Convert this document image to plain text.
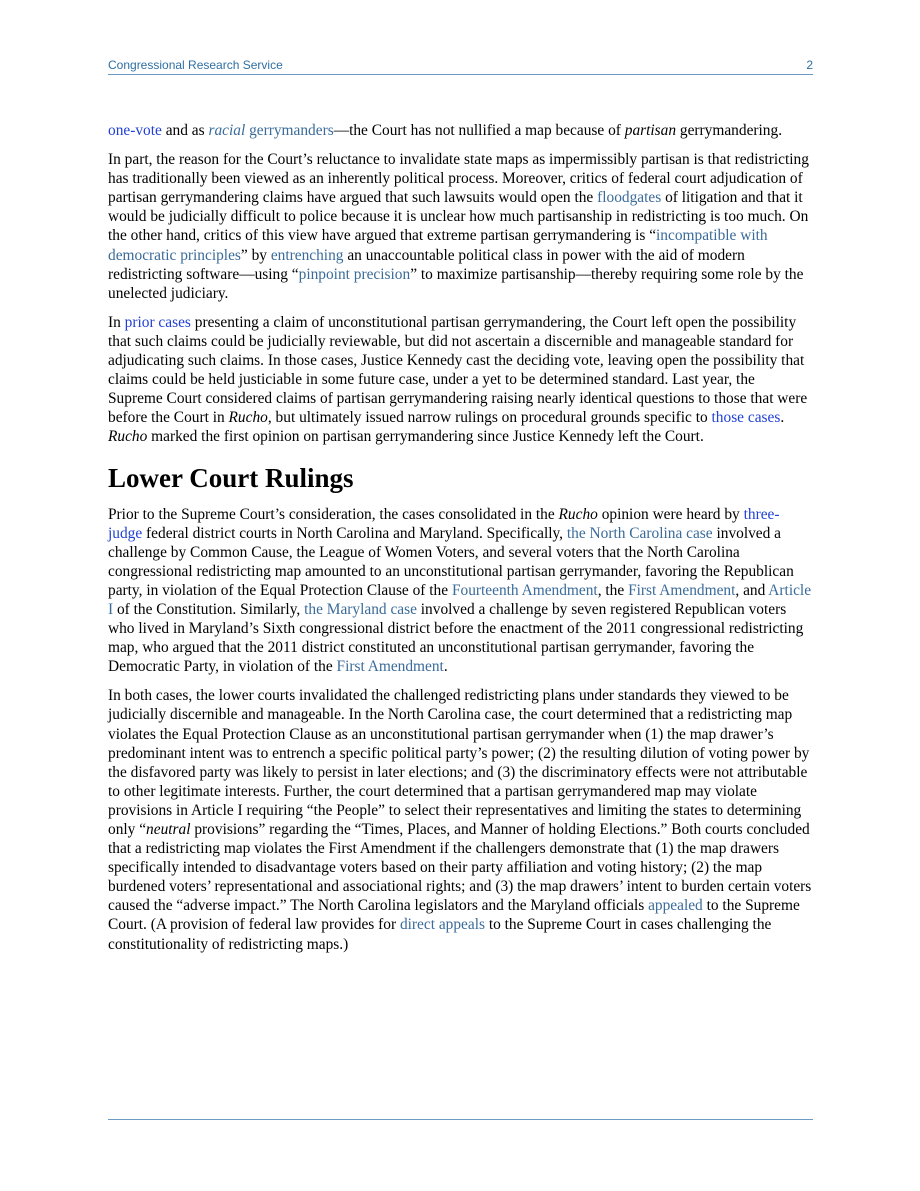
Congressional Research Service	2

one-vote and as racial gerrymanders—the Court has not nullified a map because of partisan gerrymandering.

In part, the reason for the Court’s reluctance to invalidate state maps as impermissibly partisan is that redistricting has traditionally been viewed as an inherently political process. Moreover, critics of federal court adjudication of partisan gerrymandering claims have argued that such lawsuits would open the floodgates of litigation and that it would be judicially difficult to police because it is unclear how much partisanship in redistricting is too much. On the other hand, critics of this view have argued that extreme partisan gerrymandering is “incompatible with democratic principles” by entrenching an unaccountable political class in power with the aid of modern redistricting software—using “pinpoint precision” to maximize partisanship—thereby requiring some role by the unelected judiciary.

In prior cases presenting a claim of unconstitutional partisan gerrymandering, the Court left open the possibility that such claims could be judicially reviewable, but did not ascertain a discernible and manageable standard for adjudicating such claims. In those cases, Justice Kennedy cast the deciding vote, leaving open the possibility that claims could be held justiciable in some future case, under a yet to be determined standard. Last year, the Supreme Court considered claims of partisan gerrymandering raising nearly identical questions to those that were before the Court in Rucho, but ultimately issued narrow rulings on procedural grounds specific to those cases. Rucho marked the first opinion on partisan gerrymandering since Justice Kennedy left the Court.

Lower Court Rulings

Prior to the Supreme Court’s consideration, the cases consolidated in the Rucho opinion were heard by three-judge federal district courts in North Carolina and Maryland. Specifically, the North Carolina case involved a challenge by Common Cause, the League of Women Voters, and several voters that the North Carolina congressional redistricting map amounted to an unconstitutional partisan gerrymander, favoring the Republican party, in violation of the Equal Protection Clause of the Fourteenth Amendment, the First Amendment, and Article I of the Constitution. Similarly, the Maryland case involved a challenge by seven registered Republican voters who lived in Maryland’s Sixth congressional district before the enactment of the 2011 congressional redistricting map, who argued that the 2011 district constituted an unconstitutional partisan gerrymander, favoring the Democratic Party, in violation of the First Amendment.

In both cases, the lower courts invalidated the challenged redistricting plans under standards they viewed to be judicially discernible and manageable. In the North Carolina case, the court determined that a redistricting map violates the Equal Protection Clause as an unconstitutional partisan gerrymander when (1) the map drawer’s predominant intent was to entrench a specific political party’s power; (2) the resulting dilution of voting power by the disfavored party was likely to persist in later elections; and (3) the discriminatory effects were not attributable to other legitimate interests. Further, the court determined that a partisan gerrymandered map may violate provisions in Article I requiring “the People” to select their representatives and limiting the states to determining only “neutral provisions” regarding the “Times, Places, and Manner of holding Elections.” Both courts concluded that a redistricting map violates the First Amendment if the challengers demonstrate that (1) the map drawers specifically intended to disadvantage voters based on their party affiliation and voting history; (2) the map burdened voters’ representational and associational rights; and (3) the map drawers’ intent to burden certain voters caused the “adverse impact.” The North Carolina legislators and the Maryland officials appealed to the Supreme Court. (A provision of federal law provides for direct appeals to the Supreme Court in cases challenging the constitutionality of redistricting maps.)
